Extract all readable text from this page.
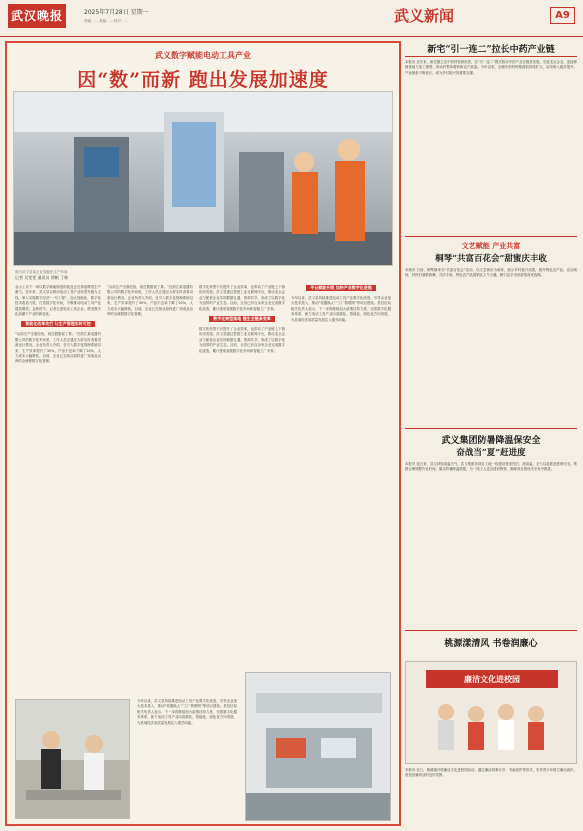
武汉晚报	2025年7月28日 星期一
责编：... 美编：... 校对：...	武义新闻	A9
武义数字赋能电动工具产业
因“数”而新 跑出发展加速度
图为武义县某企业智能化生产车间
记者 吴雯雯 通讯员 徐帆 丁帅
金山工坊下一项以数字赋能制造的改变正在持续释放生产潜力。近年来，武义县以推动电动工具产业转型升级为主线，深入实施数字经济“一号工程”，加大智能化、数字化技术改造力度，打造数字化车间，不断推动电动工具产业提质增效。金秋时节，记者走进电动工具企业，感受数字化浪潮下产业的新变化。
智能化改革先行 让生产管理实时可控
“以前生产全靠经验，现在数据说了算。”在浙江某电器有限公司的数字化车间里，工作人员正通过大屏实时查看设备运行情况。企业负责人介绍，自引入数字化管理系统以来，生产效率提升了30%，产品不良率下降了20%，人力成本大幅降低。目前，企业已实现从原料进厂到成品出库的全流程数字化管理。
“以前生产全靠经验，现在数据说了算。”在浙江某电器有限公司的数字化车间里，工作人员正通过大屏实时查看设备运行情况。企业负责人介绍，自引入数字化管理系统以来，生产效率提升了30%，产品不良率下降了20%，人力成本大幅降低。目前，企业已实现从原料进厂到成品出库的全流程数字化管理。
数字化转型不仅提升了企业效率，也带动了产业链上下游协同发展。武义县通过搭建工业互联网平台，推动龙头企业与配套企业实现数据互通、资源共享，形成了以数字化为纽带的产业生态。目前，全县已有百余家企业完成数字化改造，累计建成省级数字化车间和智能工厂多家。
数字化转型落地 链生全链条变革
数字化转型不仅提升了企业效率，也带动了产业链上下游协同发展。武义县通过搭建工业互联网平台，推动龙头企业与配套企业实现数据互通、资源共享，形成了以数字化为纽带的产业生态。目前，全县已有百余家企业完成数字化改造，累计建成省级数字化车间和智能工厂多家。
平台赋能升级 加快产业数字化进程
今年以来，武义县持续推进电动工具产业数字化改造，引导企业加大技术投入，推动“机器换人”“工厂物联网”等项目建设。县经信局相关负责人表示，下一步将继续加大政策扶持力度，完善数字化服务体系，助力电动工具产业向高端化、智能化、绿色化方向发展，为县域经济高质量发展注入强劲动能。
今年以来，武义县持续推进电动工具产业数字化改造，引导企业加大技术投入，推动“机器换人”“工厂物联网”等项目建设。县经信局相关负责人表示，下一步将继续加大政策扶持力度，完善数字化服务体系，助力电动工具产业向高端化、智能化、绿色化方向发展，为县域经济高质量发展注入强劲动能。
新宅“引一连二”拉长中药产业链
本报讯 近年来，新宅镇立足中药材资源优势，以“引一连二”模式推动中药产业全链条发展，引进龙头企业，连接种植基地与加工销售，带动村集体增收和农户致富。今年以来，全镇中药材种植面积持续扩大，亩均收入稳步提升，产业链条不断延长，成为乡村振兴的重要支撑。
文艺赋能 产业共富
桐琴“共富百花会”甜蜜庆丰收
本报讯 日前，桐琴镇举办“共富百花会”活动，以文艺演出为载体，展示乡村振兴成果，推介特色农产品。活动现场，村民们载歌载舞，共庆丰收，特色农产品展销区人气火爆，吸引众多市民游客前来选购。
武义集团防暑降温保安全
奋战当“夏”赶进度
本报讯 连日来，武义持续高温天气，武义集团各项目工地一线建设者顶烈日、战高温，全力以赴抓进度保安全。集团合理调整作业时间，落实防暑降温措施，为一线工人送去清凉物资，确保项目建设安全有序推进。
桃源漾清风 书卷润廉心
廉洁文化进校园
本报讯 近日，桃溪镇开展廉洁文化进校园活动，通过廉洁故事分享、书画创作等形式，引导青少年树立廉洁意识，营造崇廉尚洁的良好氛围。
